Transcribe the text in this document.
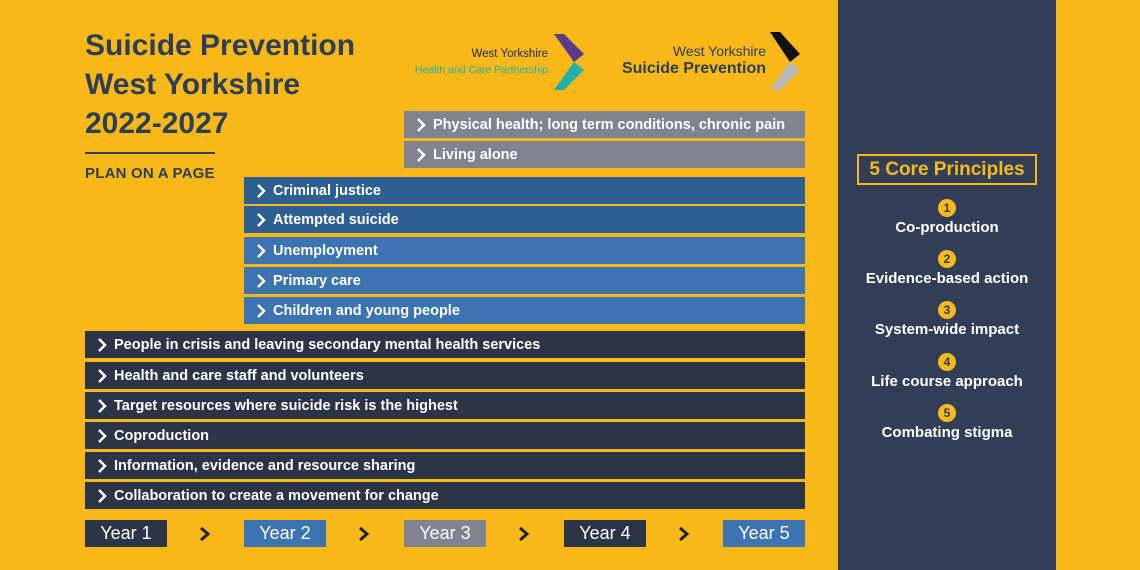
Suicide Prevention
West Yorkshire
2022-2027
PLAN ON A PAGE
West Yorkshire
Health and Care Partnership
West Yorkshire
Suicide Prevention
Physical health; long term conditions, chronic pain
Living alone
Criminal justice
Attempted suicide
Unemployment
Primary care
Children and young people
People in crisis and leaving secondary mental health services
Health and care staff and volunteers
Target resources where suicide risk is the highest
Coproduction
Information, evidence and resource sharing
Collaboration to create a movement for change
Year 1	Year 2	Year 3	Year 4	Year 5
5 Core Principles
1
Co-production
2
Evidence-based action
3
System-wide impact
4
Life course approach
5
Combating stigma
